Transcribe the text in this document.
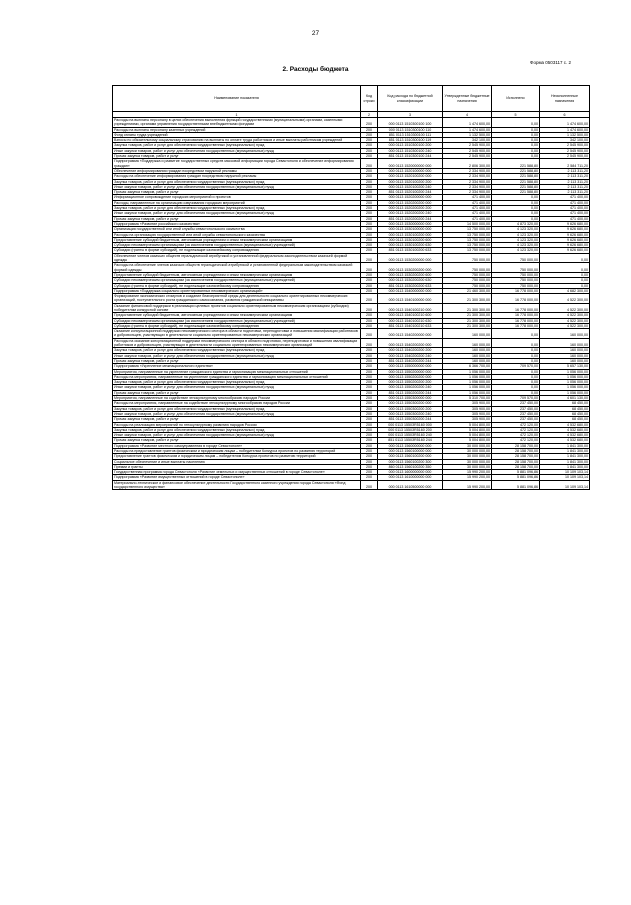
27
Форма 0503117 с. 2
2. Расходы бюджета
Наименование показателя	Код строки	Код расхода по бюджетной классификации	Утвержденные бюджетные назначения	Исполнено	Неисполненные назначения
1	2	3	4	5	6
Расходы на выплаты персоналу в целях обеспечения выполнения функций государственными (муниципальными) органами, казенными учреждениями, органами управления государственными внебюджетными фондами	200	000 0113 1510300100 100	1 474 600,00	0,00	1 474 600,00
Расходы на выплаты персоналу казенных учреждений	200	000 0113 1510300100 110	1 474 600,00	0,00	1 474 600,00
Фонд оплаты труда учреждений	200	851 0113 1510300100 111	1 132 500,00	0,00	1 132 500,00
Взносы по обязательному социальному страхованию на выплаты по оплате труда работников и иные выплаты работникам учреждений	200	851 0113 1510300100 119	342 100,00	0,00	342 100,00
Закупка товаров, работ и услуг для обеспечения государственных (муниципальных) нужд	200	000 0113 1510300100 200	2 545 900,00	0,00	2 545 900,00
Иные закупки товаров, работ и услуг для обеспечения государственных (муниципальных) нужд	200	000 0113 1510300100 240	2 545 900,00	0,00	2 545 900,00
Прочая закупка товаров, работ и услуг	200	851 0113 1510300100 244	2 545 900,00	0,00	2 545 900,00
Подпрограмма «Поддержка и развитие государственных средств массовой информации города Севастополя и обеспечение информирования граждан»	200	000 0113 1520000000 000	2 806 300,00	221 588,80	2 584 711,20
Обеспечение информирования граждан посредством наружной рекламы	200	000 0113 1520100000 000	2 334 900,00	221 588,80	2 113 311,20
Расходы на обеспечение информирования граждан посредством наружной рекламы	200	000 0113 1520100200 000	2 334 900,00	221 588,80	2 113 311,20
Закупка товаров, работ и услуг для обеспечения государственных (муниципальных) нужд	200	000 0113 1520100200 200	2 334 900,00	221 588,80	2 113 311,20
Иные закупки товаров, работ и услуг для обеспечения государственных (муниципальных) нужд	200	000 0113 1520100200 240	2 334 900,00	221 588,80	2 113 311,20
Прочая закупка товаров, работ и услуг	200	851 0113 1520100200 244	2 334 900,00	221 588,80	2 113 311,20
Информационное сопровождение городских мероприятий и проектов	200	000 0113 1520200000 000	471 400,00	0,00	471 400,00
Расходы, направленные на организацию озвучивания городских мероприятий	200	000 0113 1520200200 000	471 400,00	0,00	471 400,00
Закупка товаров, работ и услуг для обеспечения государственных (муниципальных) нужд	200	000 0113 1520200200 200	471 400,00	0,00	471 400,00
Иные закупки товаров, работ и услуг для обеспечения государственных (муниципальных) нужд	200	000 0113 1520200200 240	471 400,00	0,00	471 400,00
Прочая закупка товаров, работ и услуг	200	851 0113 1520200200 244	471 400,00	0,00	471 400,00
Подпрограмма «Развитие российского казачества»	200	000 0113 1530000000 000	14 500 000,00	4 873 320,00	9 626 680,00
Организация государственной или иной службы севастопольского казачества	200	000 0113 1530100000 000	13 750 000,00	4 123 320,00	9 626 680,00
Расходы на организацию государственной или иной службы севастопольского казачества	200	000 0113 1530100200 000	13 750 000,00	4 123 320,00	9 626 680,00
Предоставление субсидий бюджетным, автономным учреждениям и иным некоммерческим организациям	200	000 0113 1530100200 600	13 750 000,00	4 123 320,00	9 626 680,00
Субсидии некоммерческим организациям (за исключением государственных (муниципальных) учреждений)	200	000 0113 1530100200 630	13 750 000,00	4 123 320,00	9 626 680,00
Субсидии (гранты в форме субсидий), не подлежащие казначейскому сопровождению	200	851 0113 1530100200 633	13 750 000,00	4 123 320,00	9 626 680,00
Обеспечение членов казачьих обществ геральдической атрибутикой и установленной федеральным законодательством казачьей формой одежды	200	000 0113 1530200000 000	750 000,00	750 000,00	0,00
Расходы на обеспечение членов казачьих обществ геральдической атрибутикой и установленной федеральным законодательством казачьей формой одежды	200	000 0113 1530200200 000	750 000,00	750 000,00	0,00
Предоставление субсидий бюджетным, автономным учреждениям и иным некоммерческим организациям	200	000 0113 1530200200 600	750 000,00	750 000,00	0,00
Субсидии некоммерческим организациям (за исключением государственных (муниципальных) учреждений)	200	000 0113 1530200200 630	750 000,00	750 000,00	0,00
Субсидии (гранты в форме субсидий), не подлежащие казначейскому сопровождению	200	851 0113 1530200200 633	750 000,00	750 000,00	0,00
Подпрограмма «Поддержка социально ориентированных некоммерческих организаций»	200	000 0113 1540000000 000	21 460 300,00	16 778 000,00	4 682 300,00
Формирование экономических стимулов и создание благоприятной среды для деятельности социально ориентированных некоммерческих организаций, поступательного роста гражданского самосознания, развития гражданской инициативы	200	000 0113 1540100000 000	21 300 300,00	16 778 000,00	4 522 300,00
Оказание финансовой поддержки в реализации целевых проектов социально ориентированным некоммерческим организациям (субсидии) победителям конкурсной основе	200	000 0113 1540100210 000	21 300 300,00	16 778 000,00	4 522 300,00
Предоставление субсидий бюджетным, автономным учреждениям и иным некоммерческим организациям	200	000 0113 1540100210 600	21 300 300,00	16 778 000,00	4 522 300,00
Субсидии некоммерческим организациям (за исключением государственных (муниципальных) учреждений)	200	000 0113 1540100210 630	21 300 300,00	16 778 000,00	4 522 300,00
Субсидии (гранты в форме субсидий), не подлежащие казначейскому сопровождению	200	851 0113 1540100210 633	21 300 300,00	16 778 000,00	4 522 300,00
Оказание консультационной поддержки некоммерческого сектора в области подготовки, переподготовки и повышения квалификации работников и добровольцев, участвующих в деятельности социально ориентированных некоммерческих организаций	200	000 0113 1540200000 000	160 000,00	0,00	160 000,00
Расходы на оказание консультационной поддержки некоммерческого сектора в области подготовки, переподготовки и повышения квалификации работников и добровольцев, участвующих в деятельности социально ориентированных некоммерческих организаций	200	000 0113 1540200200 000	160 000,00	0,00	160 000,00
Закупка товаров, работ и услуг для обеспечения государственных (муниципальных) нужд	200	000 0113 1540200200 200	160 000,00	0,00	160 000,00
Иные закупки товаров, работ и услуг для обеспечения государственных (муниципальных) нужд	200	000 0113 1540200200 240	160 000,00	0,00	160 000,00
Прочая закупка товаров, работ и услуг	200	851 0113 1540200200 244	160 000,00	0,00	160 000,00
Подпрограмма «Укрепление межнационального единства»	200	000 0113 1550000000 000	6 366 700,00	709 570,00	5 657 130,00
Мероприятия, направленные на укрепление гражданского единства и гармонизацию межнациональных отношений	200	000 0113 1550200000 000	1 056 000,00	0,00	1 056 000,00
Расходы на мероприятия, направленные на укрепление гражданского единства и гармонизацию межнациональных отношений	200	000 0113 1550200200 000	1 056 000,00	0,00	1 056 000,00
Закупка товаров, работ и услуг для обеспечения государственных (муниципальных) нужд	200	000 0113 1550200200 200	1 056 000,00	0,00	1 056 000,00
Иные закупки товаров, работ и услуг для обеспечения государственных (муниципальных) нужд	200	000 0113 1550200200 240	1 056 000,00	0,00	1 056 000,00
Прочая закупка товаров, работ и услуг	200	851 0113 1550200200 244	1 056 000,00	0,00	1 056 000,00
Мероприятия, направленные на содействие этнокультурному многообразию народов России	200	000 0113 1550300000 000	5 310 700,00	709 570,00	4 601 130,00
Расходы на мероприятия, направленные на содействие этнокультурному многообразию народов России	200	000 0113 1550300200 000	305 900,00	237 450,00	68 450,00
Закупка товаров, работ и услуг для обеспечения государственных (муниципальных) нужд	200	000 0113 1550300200 200	305 900,00	237 450,00	68 450,00
Иные закупки товаров, работ и услуг для обеспечения государственных (муниципальных) нужд	200	000 0113 1550300200 240	305 900,00	237 450,00	68 450,00
Прочая закупка товаров, работ и услуг	200	851 0113 1550300200 244	305 900,00	237 450,00	68 450,00
Расходы на реализацию мероприятий по этнокультурному развитию народов России	200	000 0113 1550ЗR5160 000	5 004 800,00	472 120,00	4 532 680,00
Закупка товаров, работ и услуг для обеспечения государственных (муниципальных) нужд	200	000 0113 1550ЗR5160 200	5 004 800,00	472 120,00	4 532 680,00
Иные закупки товаров, работ и услуг для обеспечения государственных (муниципальных) нужд	200	000 0113 1550ЗR5160 240	5 004 800,00	472 120,00	4 532 680,00
Прочая закупка товаров, работ и услуг	200	851 0113 1550ЗR5160 244	5 004 800,00	472 120,00	4 532 680,00
Подпрограмма «Развитие местного самоуправления в городе Севастополе»	200	000 0113 1560000000 000	30 000 000,00	28 158 700,00	1 841 300,00
Расходы на предоставление грантов физическим и юридическим лицам – победителям Конкурса проектов по развитию территорий	200	000 0113 1560100000 000	30 000 000,00	28 158 700,00	1 841 300,00
Предоставление грантов физическим и юридическим лицам – победителям Конкурса проектов по развитию территорий	200	000 0113 1560100200 000	30 000 000,00	28 158 700,00	1 841 300,00
Социальное обеспечение и иные выплаты населению	200	000 0113 1560100200 300	30 000 000,00	28 158 700,00	1 841 300,00
Премии и гранты	200	860 0113 1560100200 350	30 000 000,00	28 158 700,00	1 841 300,00
Государственная программа города Севастополя «Развитие земельных и имущественных отношений в городе Севастополе»	200	000 0113 1600000000 000	15 990 200,00	5 881 096,86	10 109 103,14
Подпрограмма «Развитие имущественных отношений в городе Севастополе»	200	000 0113 1610000000 000	15 990 200,00	5 881 096,86	10 109 103,14
Материально-техническое и финансовое обеспечение деятельности Государственного казенного учреждения города Севастополя «Фонд государственного имущества»	200	000 0113 1610500000 000	15 990 200,00	5 881 096,86	10 109 103,14
